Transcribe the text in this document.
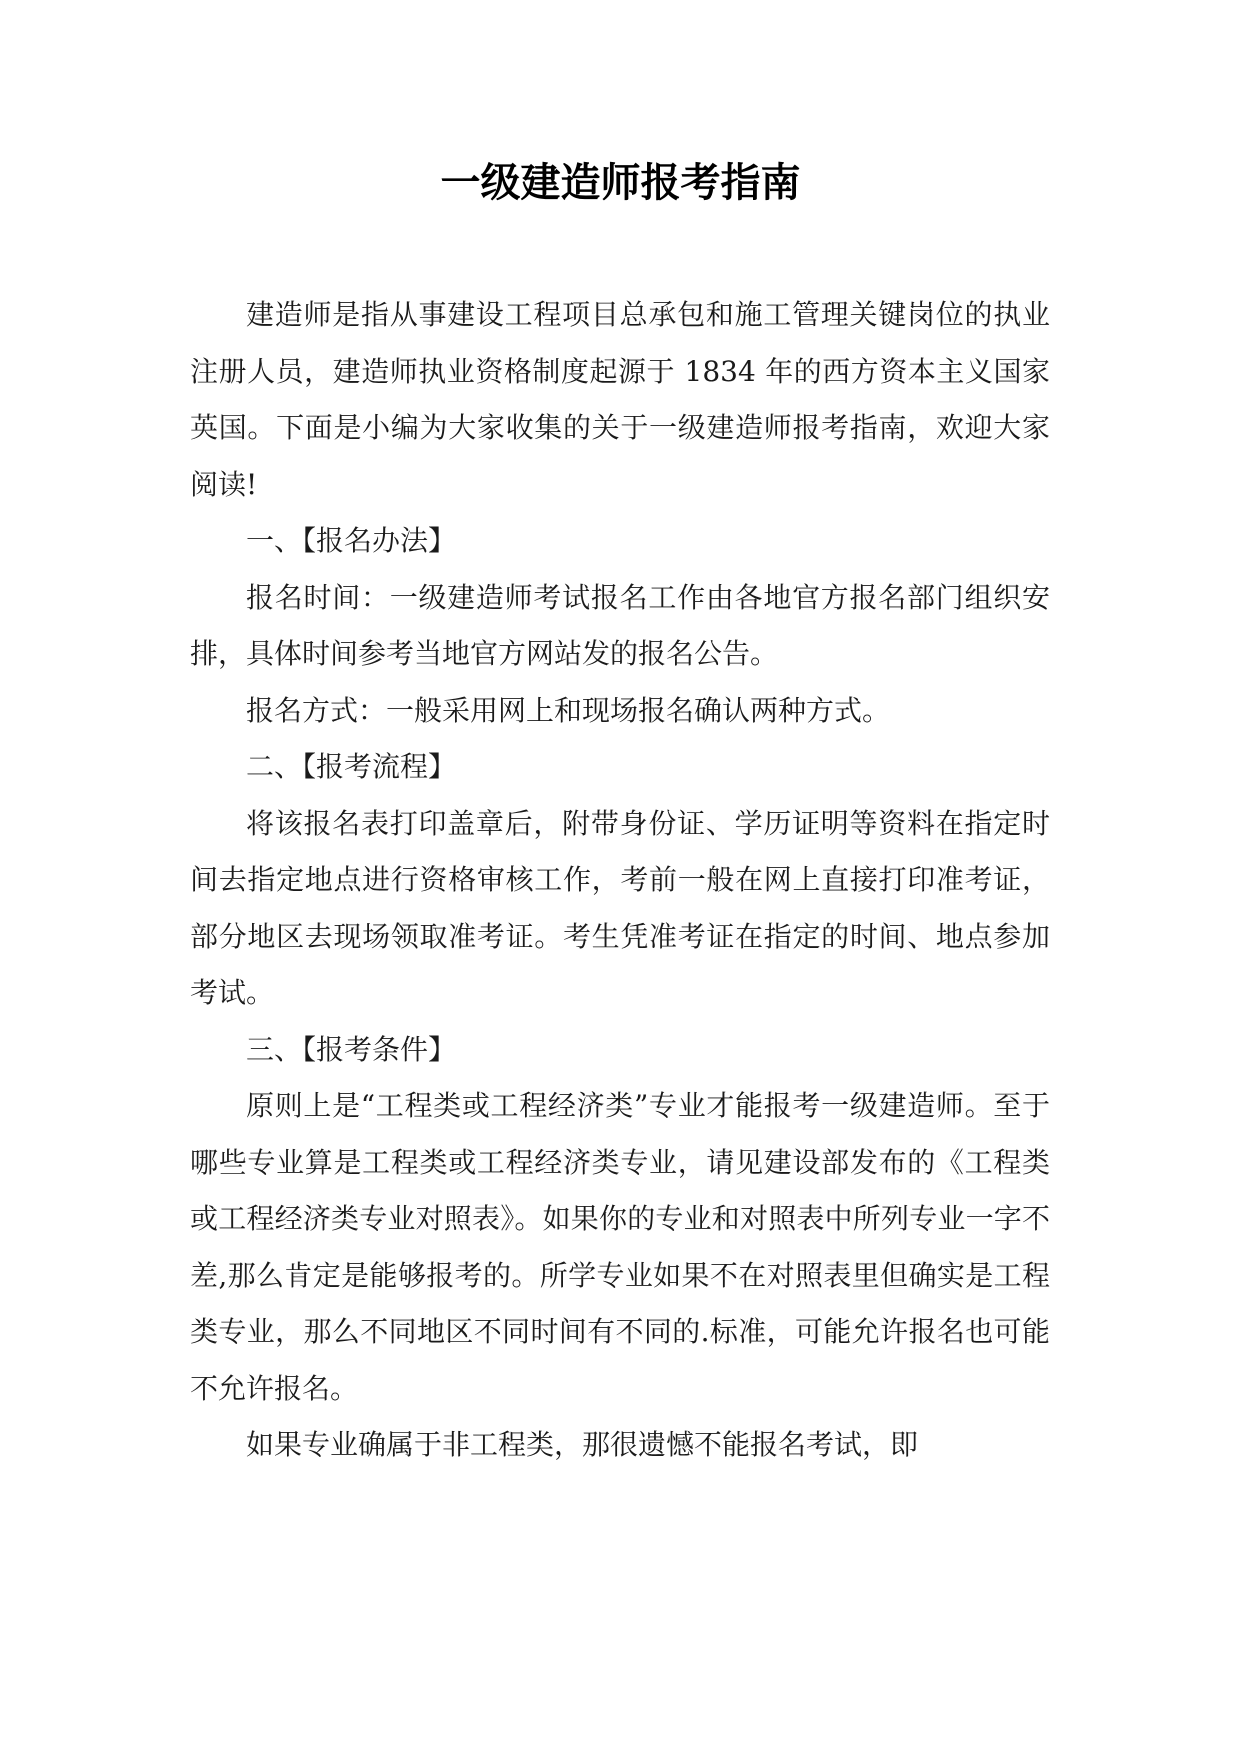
一级建造师报考指南

建造师是指从事建设工程项目总承包和施工管理关键岗位的执业注册人员，建造师执业资格制度起源于 1834 年的西方资本主义国家英国。下面是小编为大家收集的关于一级建造师报考指南，欢迎大家阅读!

一、【报名办法】

报名时间：一级建造师考试报名工作由各地官方报名部门组织安排，具体时间参考当地官方网站发的报名公告。

报名方式：一般采用网上和现场报名确认两种方式。

二、【报考流程】

将该报名表打印盖章后，附带身份证、学历证明等资料在指定时间去指定地点进行资格审核工作，考前一般在网上直接打印准考证，部分地区去现场领取准考证。考生凭准考证在指定的时间、地点参加考试。

三、【报考条件】

原则上是“工程类或工程经济类”专业才能报考一级建造师。至于哪些专业算是工程类或工程经济类专业，请见建设部发布的《工程类或工程经济类专业对照表》。如果你的专业和对照表中所列专业一字不差,那么肯定是能够报考的。所学专业如果不在对照表里但确实是工程类专业，那么不同地区不同时间有不同的.标准，可能允许报名也可能不允许报名。

如果专业确属于非工程类，那很遗憾不能报名考试，即
